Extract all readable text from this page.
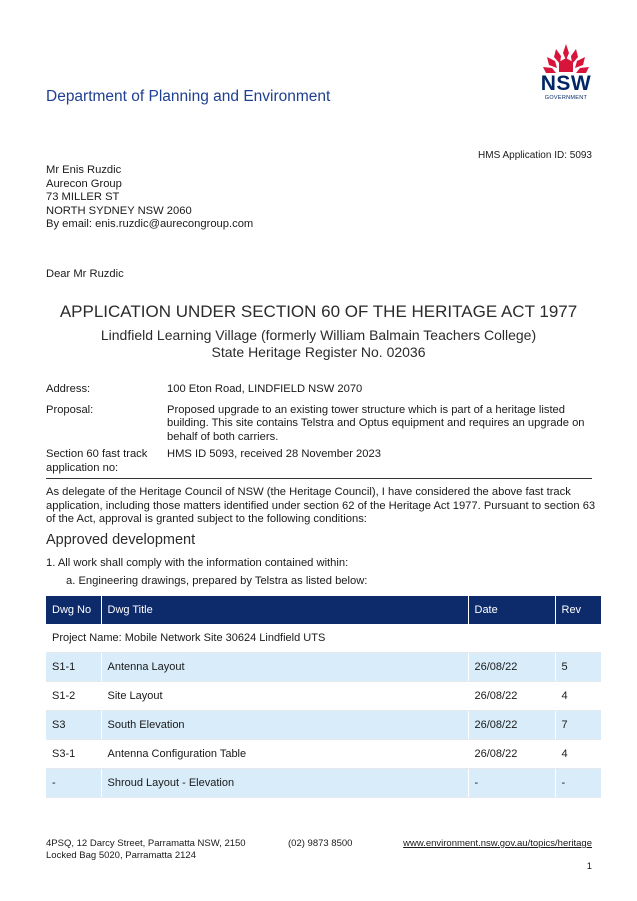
Department of Planning and Environment
NSW
GOVERNMENT
HMS Application ID: 5093
Mr Enis Ruzdic
Aurecon Group
73 MILLER ST
NORTH SYDNEY NSW 2060
By email: enis.ruzdic@aurecongroup.com
Dear Mr Ruzdic
APPLICATION UNDER SECTION 60 OF THE HERITAGE ACT 1977
Lindfield Learning Village (formerly William Balmain Teachers College)
State Heritage Register No. 02036
Address:	100 Eton Road, LINDFIELD NSW 2070
Proposal:	Proposed upgrade to an existing tower structure which is part of a heritage listed building. This site contains Telstra and Optus equipment and requires an upgrade on behalf of both carriers.
Section 60 fast track application no:
HMS ID 5093, received 28 November 2023
As delegate of the Heritage Council of NSW (the Heritage Council), I have considered the above fast track application, including those matters identified under section 62 of the Heritage Act 1977. Pursuant to section 63 of the Act, approval is granted subject to the following conditions:
Approved development
1. All work shall comply with the information contained within:
a. Engineering drawings, prepared by Telstra as listed below:
Dwg No	Dwg Title	Date	Rev
Project Name: Mobile Network Site 30624 Lindfield UTS			
S1-1	Antenna Layout	26/08/22	5
S1-2	Site Layout	26/08/22	4
S3	South Elevation	26/08/22	7
S3-1	Antenna Configuration Table	26/08/22	4
-	Shroud Layout - Elevation	-	-
4PSQ, 12 Darcy Street, Parramatta NSW, 2150
Locked Bag 5020, Parramatta 2124
(02) 9873 8500	www.environment.nsw.gov.au/topics/heritage
1
